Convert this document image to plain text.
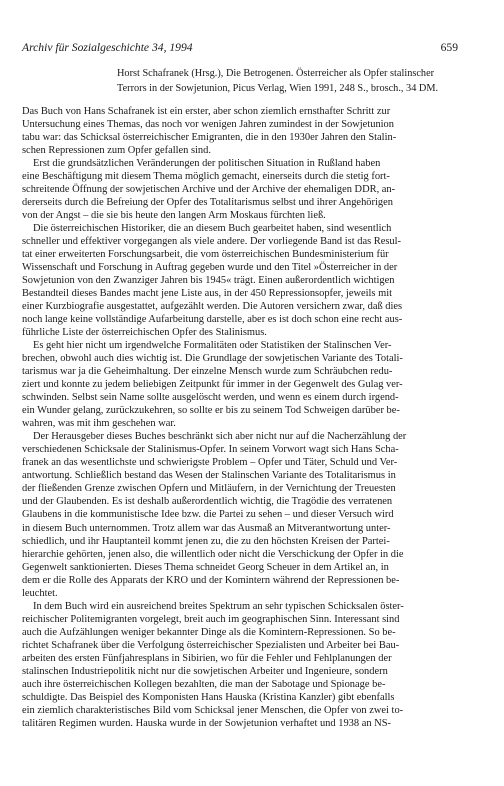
Archiv für Sozialgeschichte 34, 1994	659
Horst Schafranek (Hrsg.), Die Betrogenen. Österreicher als Opfer stalinscher
Terrors in der Sowjetunion, Picus Verlag, Wien 1991, 248 S., brosch., 34 DM.
Das Buch von Hans Schafranek ist ein erster, aber schon ziemlich ernsthafter Schritt zur
Untersuchung eines Themas, das noch vor wenigen Jahren zumindest in der Sowjetunion
tabu war: das Schicksal österreichischer Emigranten, die in den 1930er Jahren den Stalin-
schen Repressionen zum Opfer gefallen sind.
Erst die grundsätzlichen Veränderungen der politischen Situation in Rußland haben
eine Beschäftigung mit diesem Thema möglich gemacht, einerseits durch die stetig fort-
schreitende Öffnung der sowjetischen Archive und der Archive der ehemaligen DDR, an-
dererseits durch die Befreiung der Opfer des Totalitarismus selbst und ihrer Angehörigen
von der Angst – die sie bis heute den langen Arm Moskaus fürchten ließ.
Die österreichischen Historiker, die an diesem Buch gearbeitet haben, sind wesentlich
schneller und effektiver vorgegangen als viele andere. Der vorliegende Band ist das Resul-
tat einer erweiterten Forschungsarbeit, die vom österreichischen Bundesministerium für
Wissenschaft und Forschung in Auftrag gegeben wurde und den Titel »Österreicher in der
Sowjetunion von den Zwanziger Jahren bis 1945« trägt. Einen außerordentlich wichtigen
Bestandteil dieses Bandes macht jene Liste aus, in der 450 Repressionsopfer, jeweils mit
einer Kurzbiografie ausgestattet, aufgezählt werden. Die Autoren versichern zwar, daß dies
noch lange keine vollständige Aufarbeitung darstelle, aber es ist doch schon eine recht aus-
führliche Liste der österreichischen Opfer des Stalinismus.
Es geht hier nicht um irgendwelche Formalitäten oder Statistiken der Stalinschen Ver-
brechen, obwohl auch dies wichtig ist. Die Grundlage der sowjetischen Variante des Totali-
tarismus war ja die Geheimhaltung. Der einzelne Mensch wurde zum Schräubchen redu-
ziert und konnte zu jedem beliebigen Zeitpunkt für immer in der Gegenwelt des Gulag ver-
schwinden. Selbst sein Name sollte ausgelöscht werden, und wenn es einem durch irgend-
ein Wunder gelang, zurückzukehren, so sollte er bis zu seinem Tod Schweigen darüber be-
wahren, was mit ihm geschehen war.
Der Herausgeber dieses Buches beschränkt sich aber nicht nur auf die Nacherzählung der
verschiedenen Schicksale der Stalinismus-Opfer. In seinem Vorwort wagt sich Hans Scha-
franek an das wesentlichste und schwierigste Problem – Opfer und Täter, Schuld und Ver-
antwortung. Schließlich bestand das Wesen der Stalinschen Variante des Totalitarismus in
der fließenden Grenze zwischen Opfern und Mitläufern, in der Vernichtung der Treuesten
und der Glaubenden. Es ist deshalb außerordentlich wichtig, die Tragödie des verratenen
Glaubens in die kommunistische Idee bzw. die Partei zu sehen – und dieser Versuch wird
in diesem Buch unternommen. Trotz allem war das Ausmaß an Mitverantwortung unter-
schiedlich, und ihr Hauptanteil kommt jenen zu, die zu den höchsten Kreisen der Partei-
hierarchie gehörten, jenen also, die willentlich oder nicht die Verschickung der Opfer in die
Gegenwelt sanktionierten. Dieses Thema schneidet Georg Scheuer in dem Artikel an, in
dem er die Rolle des Apparats der KRO und der Komintern während der Repressionen be-
leuchtet.
In dem Buch wird ein ausreichend breites Spektrum an sehr typischen Schicksalen öster-
reichischer Politemigranten vorgelegt, breit auch im geographischen Sinn. Interessant sind
auch die Aufzählungen weniger bekannter Dinge als die Komintern-Repressionen. So be-
richtet Schafranek über die Verfolgung österreichischer Spezialisten und Arbeiter bei Bau-
arbeiten des ersten Fünfjahresplans in Sibirien, wo für die Fehler und Fehlplanungen der
stalinschen Industriepolitik nicht nur die sowjetischen Arbeiter und Ingenieure, sondern
auch ihre österreichischen Kollegen bezahlten, die man der Sabotage und Spionage be-
schuldigte. Das Beispiel des Komponisten Hans Hauska (Kristina Kanzler) gibt ebenfalls
ein ziemlich charakteristisches Bild vom Schicksal jener Menschen, die Opfer von zwei to-
talitären Regimen wurden. Hauska wurde in der Sowjetunion verhaftet und 1938 an NS-
